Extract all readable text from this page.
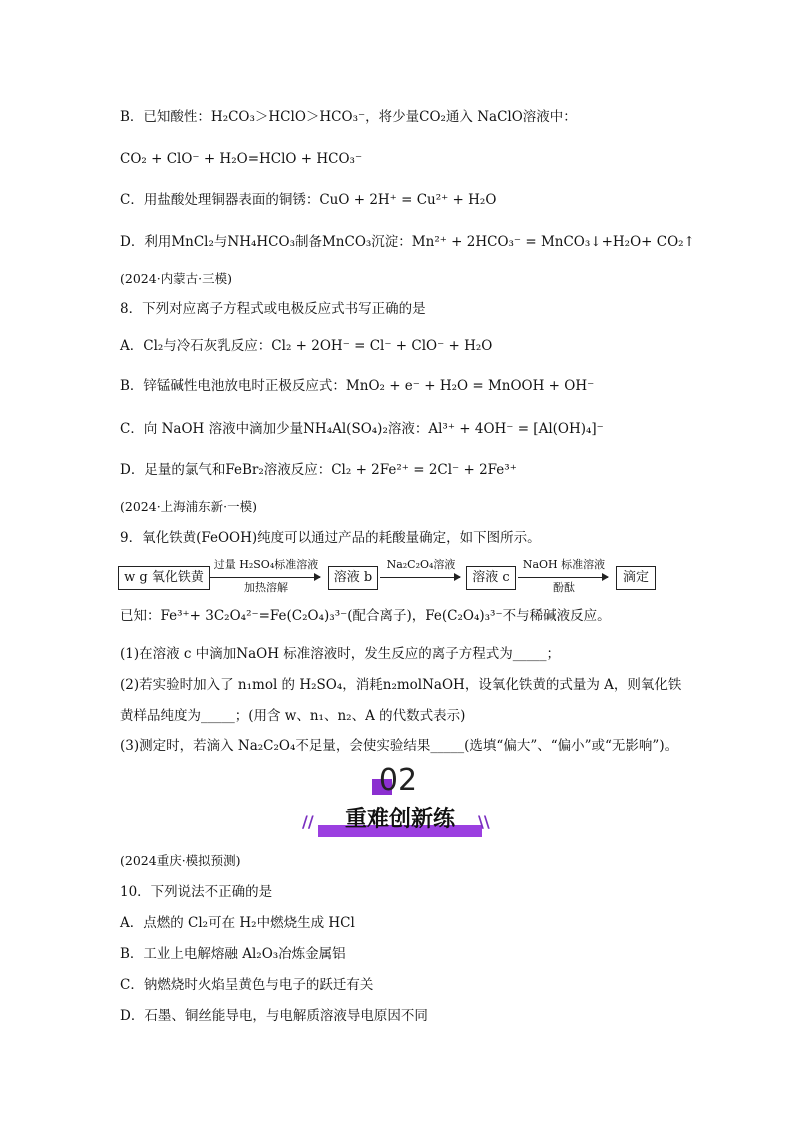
B．已知酸性：H₂CO₃＞HClO＞HCO₃⁻，将少量CO₂通入 NaClO溶液中：
CO₂ + ClO⁻ + H₂O=HClO + HCO₃⁻
C．用盐酸处理铜器表面的铜锈：CuO + 2H⁺ = Cu²⁺ + H₂O
D．利用MnCl₂与NH₄HCO₃制备MnCO₃沉淀：Mn²⁺ + 2HCO₃⁻ = MnCO₃↓+H₂O+ CO₂↑
(2024·内蒙古·三模)
8．下列对应离子方程式或电极反应式书写正确的是
A．Cl₂与冷石灰乳反应：Cl₂ + 2OH⁻ = Cl⁻ + ClO⁻ + H₂O
B．锌锰碱性电池放电时正极反应式：MnO₂ + e⁻ + H₂O = MnOOH + OH⁻
C．向 NaOH 溶液中滴加少量NH₄Al(SO₄)₂溶液：Al³⁺ + 4OH⁻ = [Al(OH)₄]⁻
D．足量的氯气和FeBr₂溶液反应：Cl₂ + 2Fe²⁺ = 2Cl⁻ + 2Fe³⁺
(2024·上海浦东新·一模)
9．氧化铁黄(FeOOH)纯度可以通过产品的耗酸量确定，如下图所示。
已知：Fe³⁺+ 3C₂O₄²⁻=Fe(C₂O₄)₃³⁻(配合离子)，Fe(C₂O₄)₃³⁻不与稀碱液反应。
(1)在溶液 c 中滴加NaOH 标准溶液时，发生反应的离子方程式为_____；
(2)若实验时加入了 n₁mol 的 H₂SO₄，消耗n₂molNaOH，设氧化铁黄的式量为 A，则氧化铁
黄样品纯度为_____；(用含 w、n₁、n₂、A 的代数式表示)
(3)测定时，若滴入 Na₂C₂O₄不足量，会使实验结果_____(选填“偏大”、“偏小”或“无影响”)。
(2024重庆·模拟预测)
10．下列说法不正确的是
A．点燃的 Cl₂可在 H₂中燃烧生成 HCl
B．工业上电解熔融 Al₂O₃冶炼金属铝
C．钠燃烧时火焰呈黄色与电子的跃迁有关
D．石墨、铜丝能导电，与电解质溶液导电原因不同
w g 氧化铁黄
过量 H₂SO₄标准溶液
加热溶解
溶液 b
Na₂C₂O₄溶液
溶液 c
NaOH 标准溶液
酚酞
滴定
02
//	重难创新练	\\
